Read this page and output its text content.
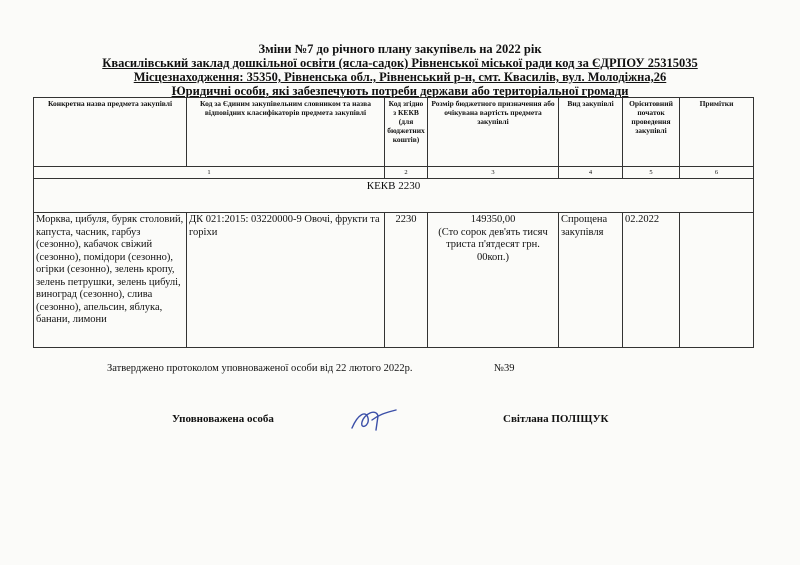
Зміни №7 до річного плану закупівель на 2022 рік
Квасилівський заклад дошкільної освіти (ясла-садок) Рівненської міської ради код за ЄДРПОУ 25315035
Місцезнаходження: 35350, Рівненська обл., Рівненський р-н, смт. Квасилів, вул. Молодіжна,26
Юридичні особи, які забезпечують потреби держави або територіальної громади
Конкретна назва предмета закупівлі	Код за Єдиним закупівельним словником та назва відповідних класифікаторів предмета закупівлі	Код згідно з КЕКВ (для бюджетних коштів)	Розмір бюджетного призначення або очікувана вартість предмета закупівлі	Вид закупівлі	Орієнтовний початок проведення закупівлі	Примітки
1		2	3	4	5	6
КЕКВ 2230						
Морква, цибуля, буряк столовий, капуста, часник, гарбуз (сезонно), кабачок свіжий (сезонно), помідори (сезонно), огірки (сезонно), зелень кропу, зелень петрушки, зелень цибулі, виноград (сезонно), слива (сезонно), апельсин, яблука, банани, лимони	ДК 021:2015: 03220000-9 Овочі, фрукти та горіхи	2230	149350,00
(Сто сорок дев'ять тисяч триста п'ятдесят грн. 00коп.)	Спрощена закупівля	02.2022	
Затверджено протоколом уповноваженої особи від 22 лютого 2022р.	№39
Уповноважена особа	Світлана ПОЛІЩУК
